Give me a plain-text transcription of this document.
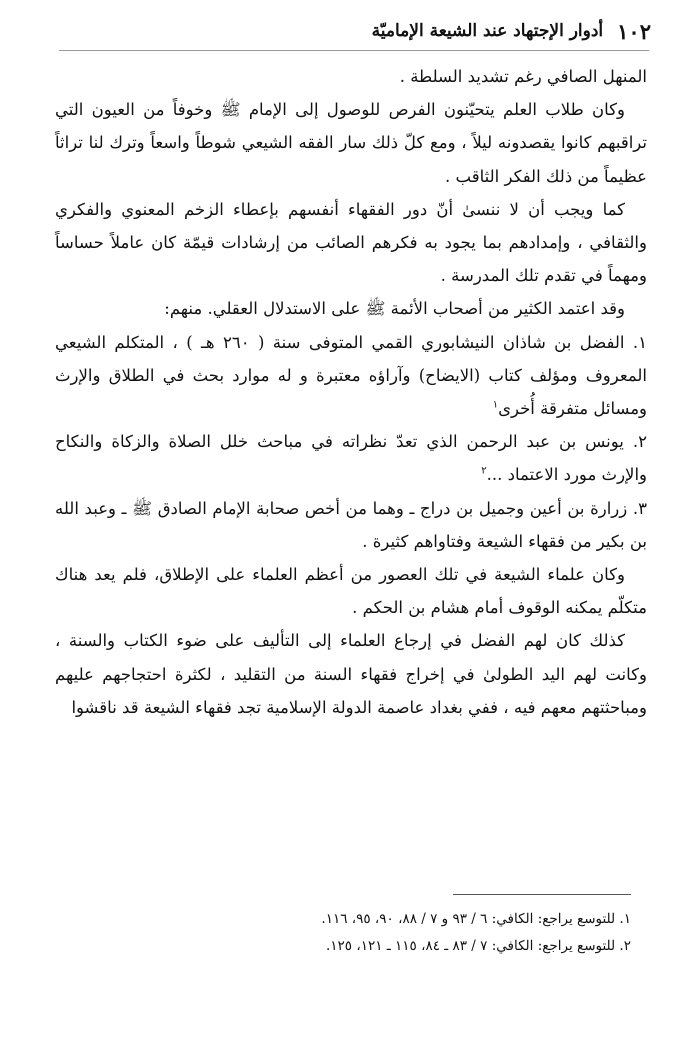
١٠٢
أدوار الإجتهاد عند الشيعة الإماميّة

المنهل الصافي رغم تشديد السلطة .

وكان طلاب العلم يتحيّنون الفرص للوصول إلى الإمام ﷺ وخوفاً من العيون التي تراقبهم كانوا يقصدونه ليلاً ، ومع كلّ ذلك سار الفقه الشيعي شوطاً واسعاً وترك لنا تراثاً عظيماً من ذلك الفكر الثاقب .

كما ويجب أن لا ننسىٰ أنّ دور الفقهاء أنفسهم بإعطاء الزخم المعنوي والفكري والثقافي ، وإمدادهم بما يجود به فكرهم الصائب من إرشادات قيمّة كان عاملاً حساساً ومهماً في تقدم تلك المدرسة .

وقد اعتمد الكثير من أصحاب الأئمة ﷺ على الاستدلال العقلي. منهم:

١. الفضل بن شاذان النيشابوري القمي المتوفى سنة ( ٢٦٠ هـ ) ، المتكلم الشيعي المعروف ومؤلف كتاب (الايضاح) وآراؤه معتبرة و له موارد بحث في الطلاق والإرث ومسائل متفرقة أُخرى$^١$

٢. يونس بن عبد الرحمن الذي تعدّ نظراته في مباحث خلل الصلاة والزكاة والنكاح والإرث مورد الاعتماد ...$^٢$

٣. زرارة بن أعين وجميل بن دراج ـ وهما من أخص صحابة الإمام الصادق ﷺ ـ وعبد الله بن بكير من فقهاء الشيعة وفتاواهم كثيرة .

وكان علماء الشيعة في تلك العصور من أعظم العلماء على الإطلاق، فلم يعد هناك متكلّم يمكنه الوقوف أمام هشام بن الحكم .

كذلك كان لهم الفضل في إرجاع العلماء إلى التأليف على ضوء الكتاب والسنة ، وكانت لهم اليد الطولىٰ في إخراج فقهاء السنة من التقليد ، لكثرة احتجاجهم عليهم ومباحثتهم معهم فيه ، ففي بغداد عاصمة الدولة الإسلامية تجد فقهاء الشيعة قد ناقشوا

١. للتوسع يراجع: الكافي: ٦ / ٩٣ و ٧ / ٨٨، ٩٠، ٩٥، ١١٦.

٢. للتوسع يراجع: الكافي: ٧ / ٨٣ ـ ٨٤، ١١٥ ـ ١٢١، ١٢٥.
